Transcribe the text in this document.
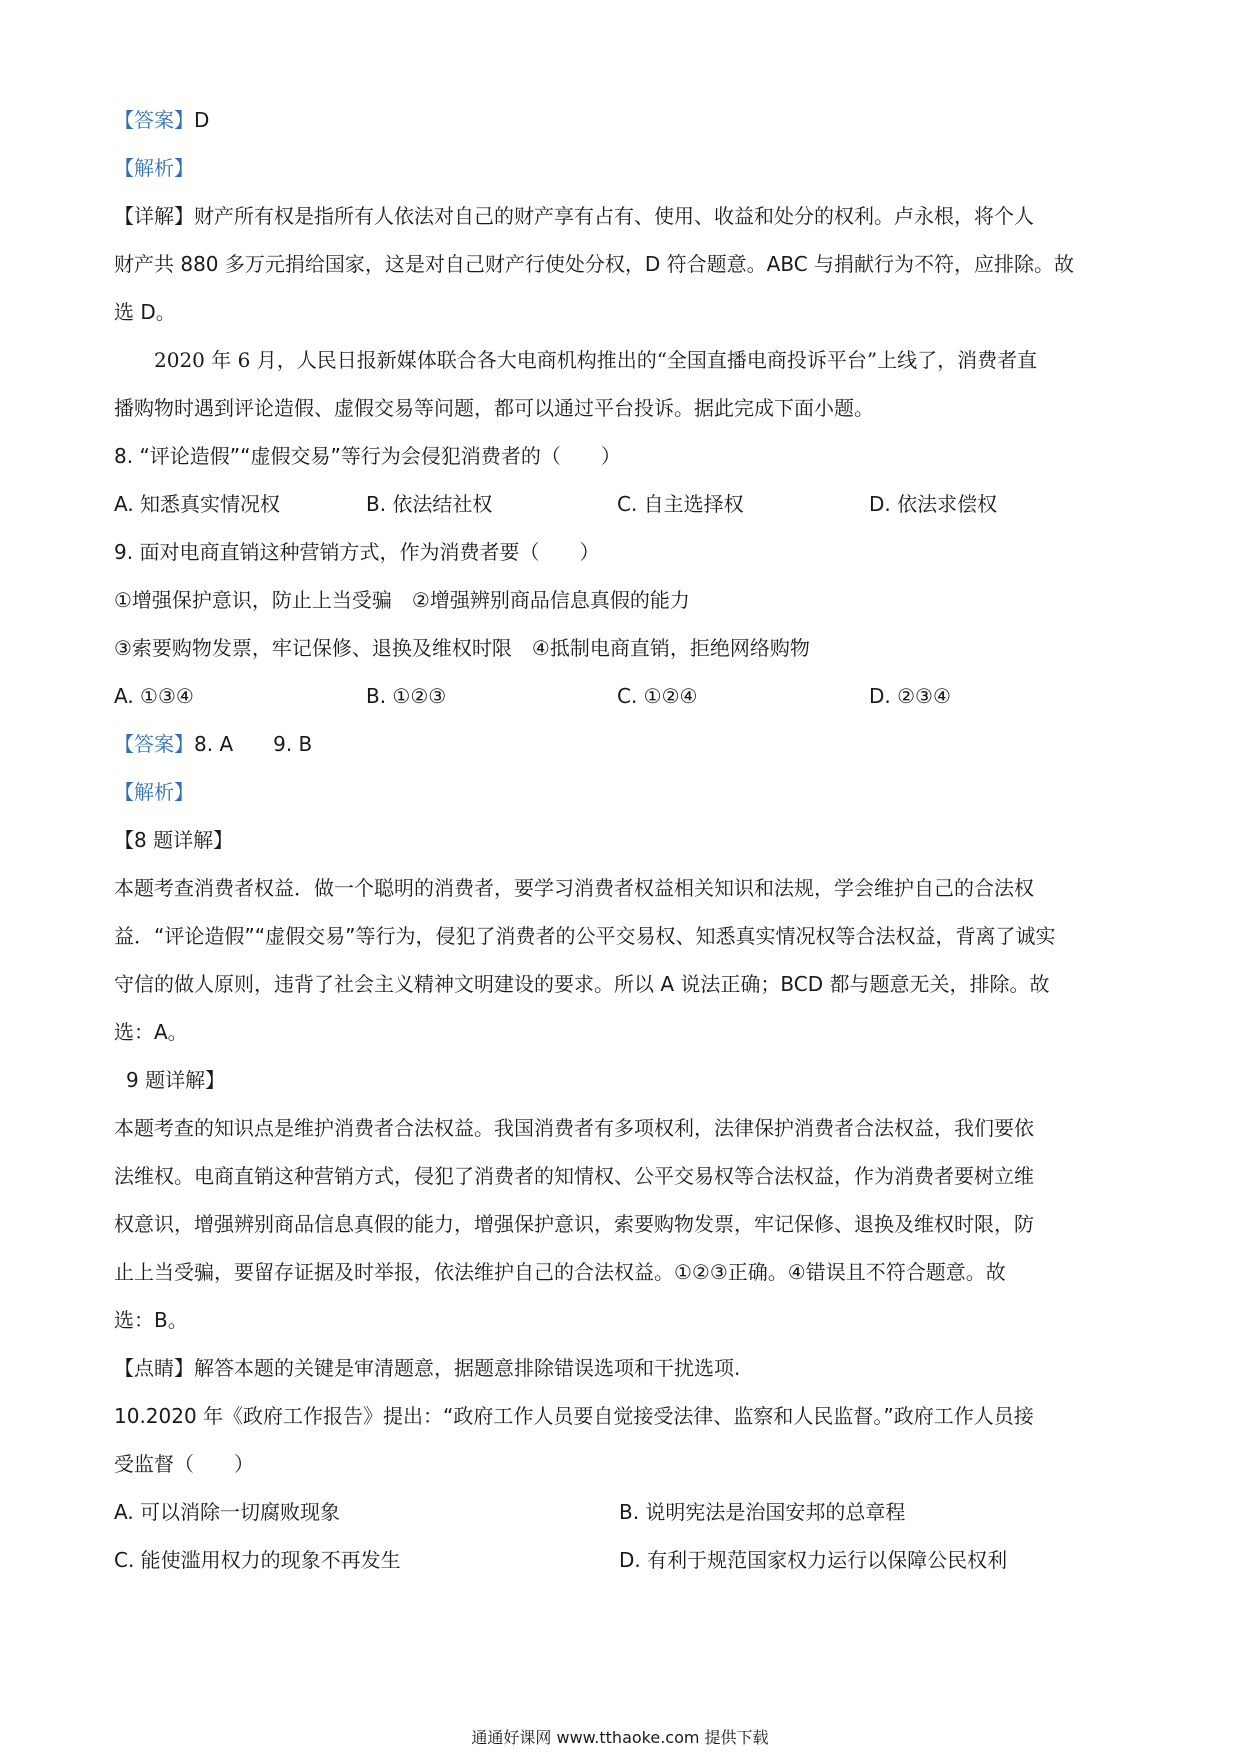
【答案】D
【解析】
【详解】财产所有权是指所有人依法对自己的财产享有占有、使用、收益和处分的权利。卢永根，将个人
财产共 880 多万元捐给国家，这是对自己财产行使处分权，D 符合题意。ABC 与捐献行为不符，应排除。故
选 D。
2020 年 6 月，人民日报新媒体联合各大电商机构推出的“全国直播电商投诉平台”上线了，消费者直
播购物时遇到评论造假、虚假交易等问题，都可以通过平台投诉。据此完成下面小题。
8. “评论造假”“虚假交易”等行为会侵犯消费者的（　　）
A. 知悉真实情况权	B. 依法结社权	C. 自主选择权	D. 依法求偿权
9. 面对电商直销这种营销方式，作为消费者要（　　）
①增强保护意识，防止上当受骗　②增强辨别商品信息真假的能力
③索要购物发票，牢记保修、退换及维权时限　④抵制电商直销，拒绝网络购物
A. ①③④	B. ①②③	C. ①②④	D. ②③④
【答案】8. A　　9. B
【解析】
【8 题详解】
本题考查消费者权益．做一个聪明的消费者，要学习消费者权益相关知识和法规，学会维护自己的合法权
益．“评论造假”“虚假交易”等行为，侵犯了消费者的公平交易权、知悉真实情况权等合法权益，背离了诚实
守信的做人原则，违背了社会主义精神文明建设的要求。所以 A 说法正确；BCD 都与题意无关，排除。故
选：A。
9 题详解】
本题考查的知识点是维护消费者合法权益。我国消费者有多项权利，法律保护消费者合法权益，我们要依
法维权。电商直销这种营销方式，侵犯了消费者的知情权、公平交易权等合法权益，作为消费者要树立维
权意识，增强辨别商品信息真假的能力，增强保护意识，索要购物发票，牢记保修、退换及维权时限，防
止上当受骗，要留存证据及时举报，依法维护自己的合法权益。①②③正确。④错误且不符合题意。故
选：B。
【点睛】解答本题的关键是审清题意，据题意排除错误选项和干扰选项.
10.2020 年《政府工作报告》提出：“政府工作人员要自觉接受法律、监察和人民监督。”政府工作人员接
受监督（　　）
A. 可以消除一切腐败现象	B. 说明宪法是治国安邦的总章程
C. 能使滥用权力的现象不再发生	D. 有利于规范国家权力运行以保障公民权利
通通好课网 www.tthaoke.com 提供下载
